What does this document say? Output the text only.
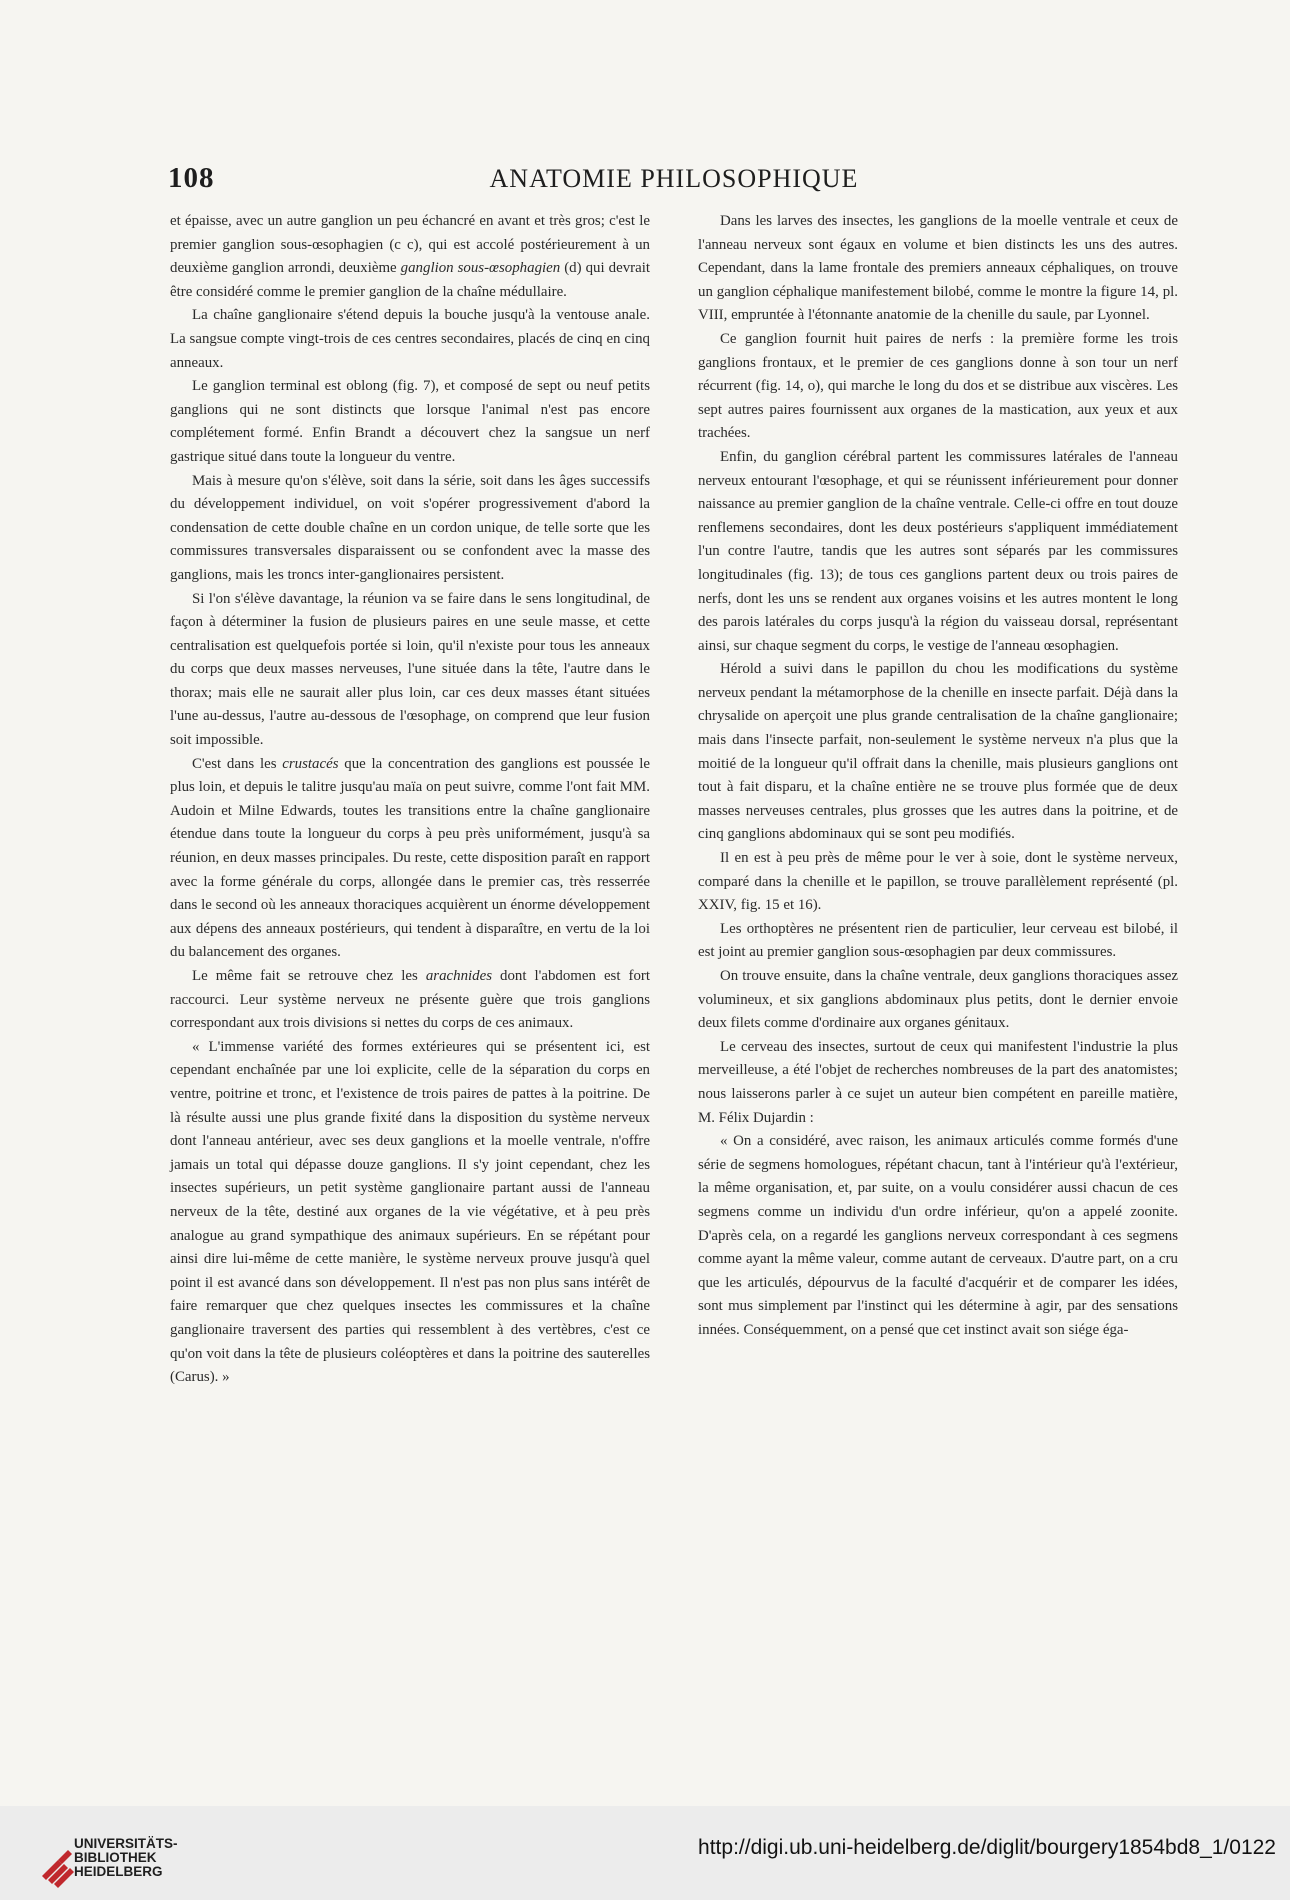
108	ANATOMIE PHILOSOPHIQUE

et épaisse, avec un autre ganglion un peu échancré en avant et très gros; c'est le premier ganglion sous-œsophagien (c c), qui est accolé postérieurement à un deuxième ganglion arrondi, deuxième ganglion sous-œsophagien (d) qui devrait être considéré comme le premier ganglion de la chaîne médullaire.

La chaîne ganglionaire s'étend depuis la bouche jusqu'à la ventouse anale. La sangsue compte vingt-trois de ces centres secondaires, placés de cinq en cinq anneaux.

Le ganglion terminal est oblong (fig. 7), et composé de sept ou neuf petits ganglions qui ne sont distincts que lorsque l'animal n'est pas encore complétement formé. Enfin Brandt a découvert chez la sangsue un nerf gastrique situé dans toute la longueur du ventre.

Mais à mesure qu'on s'élève, soit dans la série, soit dans les âges successifs du développement individuel, on voit s'opérer progressivement d'abord la condensation de cette double chaîne en un cordon unique, de telle sorte que les commissures transversales disparaissent ou se confondent avec la masse des ganglions, mais les troncs inter-ganglionaires persistent.

Si l'on s'élève davantage, la réunion va se faire dans le sens longitudinal, de façon à déterminer la fusion de plusieurs paires en une seule masse, et cette centralisation est quelquefois portée si loin, qu'il n'existe pour tous les anneaux du corps que deux masses nerveuses, l'une située dans la tête, l'autre dans le thorax; mais elle ne saurait aller plus loin, car ces deux masses étant situées l'une au-dessus, l'autre au-dessous de l'œsophage, on comprend que leur fusion soit impossible.

C'est dans les crustacés que la concentration des ganglions est poussée le plus loin, et depuis le talitre jusqu'au maïa on peut suivre, comme l'ont fait MM. Audoin et Milne Edwards, toutes les transitions entre la chaîne ganglionaire étendue dans toute la longueur du corps à peu près uniformément, jusqu'à sa réunion, en deux masses principales. Du reste, cette disposition paraît en rapport avec la forme générale du corps, allongée dans le premier cas, très resserrée dans le second où les anneaux thoraciques acquièrent un énorme développement aux dépens des anneaux postérieurs, qui tendent à disparaître, en vertu de la loi du balancement des organes.

Le même fait se retrouve chez les arachnides dont l'abdomen est fort raccourci. Leur système nerveux ne présente guère que trois ganglions correspondant aux trois divisions si nettes du corps de ces animaux.

« L'immense variété des formes extérieures qui se présentent ici, est cependant enchaînée par une loi explicite, celle de la séparation du corps en ventre, poitrine et tronc, et l'existence de trois paires de pattes à la poitrine. De là résulte aussi une plus grande fixité dans la disposition du système nerveux dont l'anneau antérieur, avec ses deux ganglions et la moelle ventrale, n'offre jamais un total qui dépasse douze ganglions. Il s'y joint cependant, chez les insectes supérieurs, un petit système ganglionaire partant aussi de l'anneau nerveux de la tête, destiné aux organes de la vie végétative, et à peu près analogue au grand sympathique des animaux supérieurs. En se répétant pour ainsi dire lui-même de cette manière, le système nerveux prouve jusqu'à quel point il est avancé dans son développement. Il n'est pas non plus sans intérêt de faire remarquer que chez quelques insectes les commissures et la chaîne ganglionaire traversent des parties qui ressemblent à des vertèbres, c'est ce qu'on voit dans la tête de plusieurs coléoptères et dans la poitrine des sauterelles (Carus). »

Dans les larves des insectes, les ganglions de la moelle ventrale et ceux de l'anneau nerveux sont égaux en volume et bien distincts les uns des autres. Cependant, dans la lame frontale des premiers anneaux céphaliques, on trouve un ganglion céphalique manifestement bilobé, comme le montre la figure 14, pl. VIII, empruntée à l'étonnante anatomie de la chenille du saule, par Lyonnel.

Ce ganglion fournit huit paires de nerfs : la première forme les trois ganglions frontaux, et le premier de ces ganglions donne à son tour un nerf récurrent (fig. 14, o), qui marche le long du dos et se distribue aux viscères. Les sept autres paires fournissent aux organes de la mastication, aux yeux et aux trachées.

Enfin, du ganglion cérébral partent les commissures latérales de l'anneau nerveux entourant l'œsophage, et qui se réunissent inférieurement pour donner naissance au premier ganglion de la chaîne ventrale. Celle-ci offre en tout douze renflemens secondaires, dont les deux postérieurs s'appliquent immédiatement l'un contre l'autre, tandis que les autres sont séparés par les commissures longitudinales (fig. 13); de tous ces ganglions partent deux ou trois paires de nerfs, dont les uns se rendent aux organes voisins et les autres montent le long des parois latérales du corps jusqu'à la région du vaisseau dorsal, représentant ainsi, sur chaque segment du corps, le vestige de l'anneau œsophagien.

Hérold a suivi dans le papillon du chou les modifications du système nerveux pendant la métamorphose de la chenille en insecte parfait. Déjà dans la chrysalide on aperçoit une plus grande centralisation de la chaîne ganglionaire; mais dans l'insecte parfait, non-seulement le système nerveux n'a plus que la moitié de la longueur qu'il offrait dans la chenille, mais plusieurs ganglions ont tout à fait disparu, et la chaîne entière ne se trouve plus formée que de deux masses nerveuses centrales, plus grosses que les autres dans la poitrine, et de cinq ganglions abdominaux qui se sont peu modifiés.

Il en est à peu près de même pour le ver à soie, dont le système nerveux, comparé dans la chenille et le papillon, se trouve parallèlement représenté (pl. XXIV, fig. 15 et 16).

Les orthoptères ne présentent rien de particulier, leur cerveau est bilobé, il est joint au premier ganglion sous-œsophagien par deux commissures.

On trouve ensuite, dans la chaîne ventrale, deux ganglions thoraciques assez volumineux, et six ganglions abdominaux plus petits, dont le dernier envoie deux filets comme d'ordinaire aux organes génitaux.

Le cerveau des insectes, surtout de ceux qui manifestent l'industrie la plus merveilleuse, a été l'objet de recherches nombreuses de la part des anatomistes; nous laisserons parler à ce sujet un auteur bien compétent en pareille matière, M. Félix Dujardin :

« On a considéré, avec raison, les animaux articulés comme formés d'une série de segmens homologues, répétant chacun, tant à l'intérieur qu'à l'extérieur, la même organisation, et, par suite, on a voulu considérer aussi chacun de ces segmens comme un individu d'un ordre inférieur, qu'on a appelé zoonite. D'après cela, on a regardé les ganglions nerveux correspondant à ces segmens comme ayant la même valeur, comme autant de cerveaux. D'autre part, on a cru que les articulés, dépourvus de la faculté d'acquérir et de comparer les idées, sont mus simplement par l'instinct qui les détermine à agir, par des sensations innées. Conséquemment, on a pensé que cet instinct avait son siége éga-

UNIVERSITÄTS-
BIBLIOTHEK
HEIDELBERG
http://digi.ub.uni-heidelberg.de/diglit/bourgery1854bd8_1/0122
